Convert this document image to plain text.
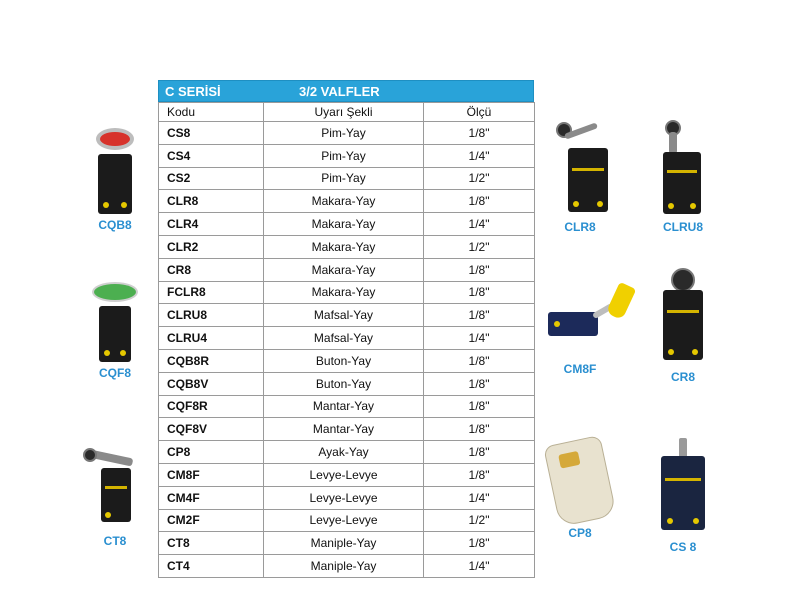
CQB8
CQF8
CT8
C SERİSİ	3/2 VALFLER
Kodu	Uyarı Şekli	Ölçü
CS8	Pim-Yay	1/8"
CS4	Pim-Yay	1/4"
CS2	Pim-Yay	1/2"
CLR8	Makara-Yay	1/8"
CLR4	Makara-Yay	1/4"
CLR2	Makara-Yay	1/2"
CR8	Makara-Yay	1/8"
FCLR8	Makara-Yay	1/8"
CLRU8	Mafsal-Yay	1/8"
CLRU4	Mafsal-Yay	1/4"
CQB8R	Buton-Yay	1/8"
CQB8V	Buton-Yay	1/8"
CQF8R	Mantar-Yay	1/8"
CQF8V	Mantar-Yay	1/8"
CP8	Ayak-Yay	1/8"
CM8F	Levye-Levye	1/8"
CM4F	Levye-Levye	1/4"
CM2F	Levye-Levye	1/2"
CT8	Maniple-Yay	1/8"
CT4	Maniple-Yay	1/4"
CLR8	CLRU8
CM8F
CR8
CP8
CS 8
